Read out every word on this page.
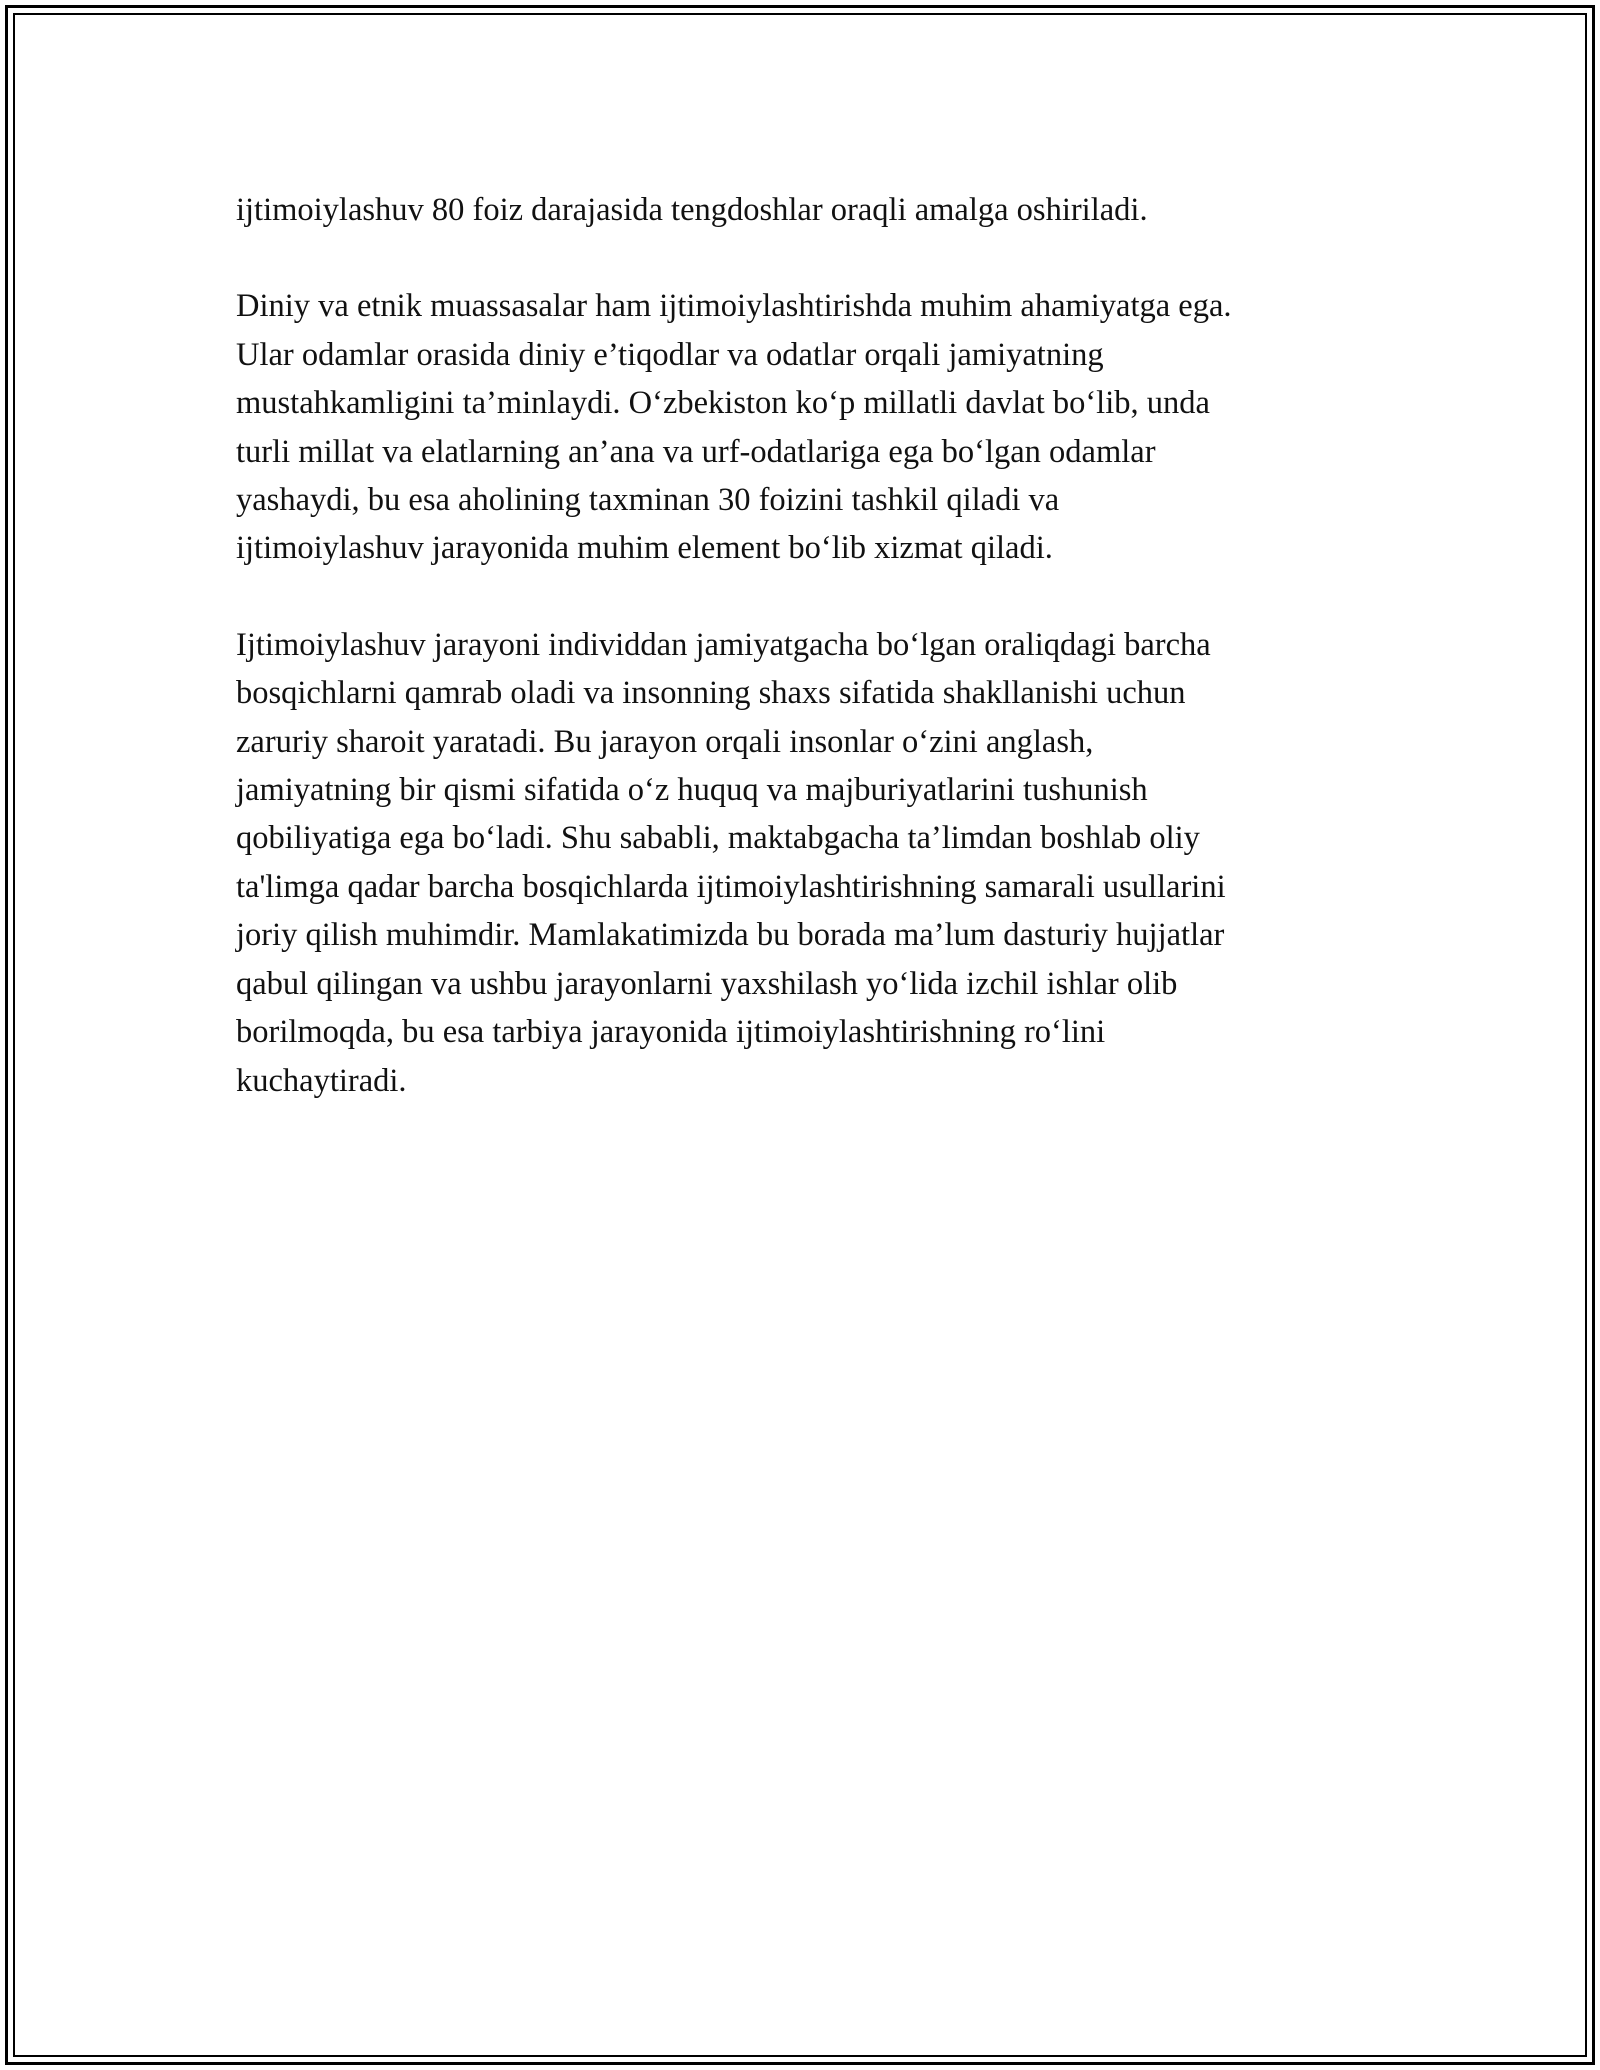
ijtimoiylashuv 80 foiz darajasida tengdoshlar oraqli amalga oshiriladi.

Diniy va etnik muassasalar ham ijtimoiylashtirishda muhim ahamiyatga ega.
Ular odamlar orasida diniy e’tiqodlar va odatlar orqali jamiyatning
mustahkamligini ta’minlaydi. O‘zbekiston ko‘p millatli davlat bo‘lib, unda
turli millat va elatlarning an’ana va urf-odatlariga ega bo‘lgan odamlar
yashaydi, bu esa aholining taxminan 30 foizini tashkil qiladi va
ijtimoiylashuv jarayonida muhim element bo‘lib xizmat qiladi.

Ijtimoiylashuv jarayoni individdan jamiyatgacha bo‘lgan oraliqdagi barcha
bosqichlarni qamrab oladi va insonning shaxs sifatida shakllanishi uchun
zaruriy sharoit yaratadi. Bu jarayon orqali insonlar o‘zini anglash,
jamiyatning bir qismi sifatida o‘z huquq va majburiyatlarini tushunish
qobiliyatiga ega bo‘ladi. Shu sababli, maktabgacha ta’limdan boshlab oliy
ta'limga qadar barcha bosqichlarda ijtimoiylashtirishning samarali usullarini
joriy qilish muhimdir. Mamlakatimizda bu borada ma’lum dasturiy hujjatlar
qabul qilingan va ushbu jarayonlarni yaxshilash yo‘lida izchil ishlar olib
borilmoqda, bu esa tarbiya jarayonida ijtimoiylashtirishning ro‘lini
kuchaytiradi.
